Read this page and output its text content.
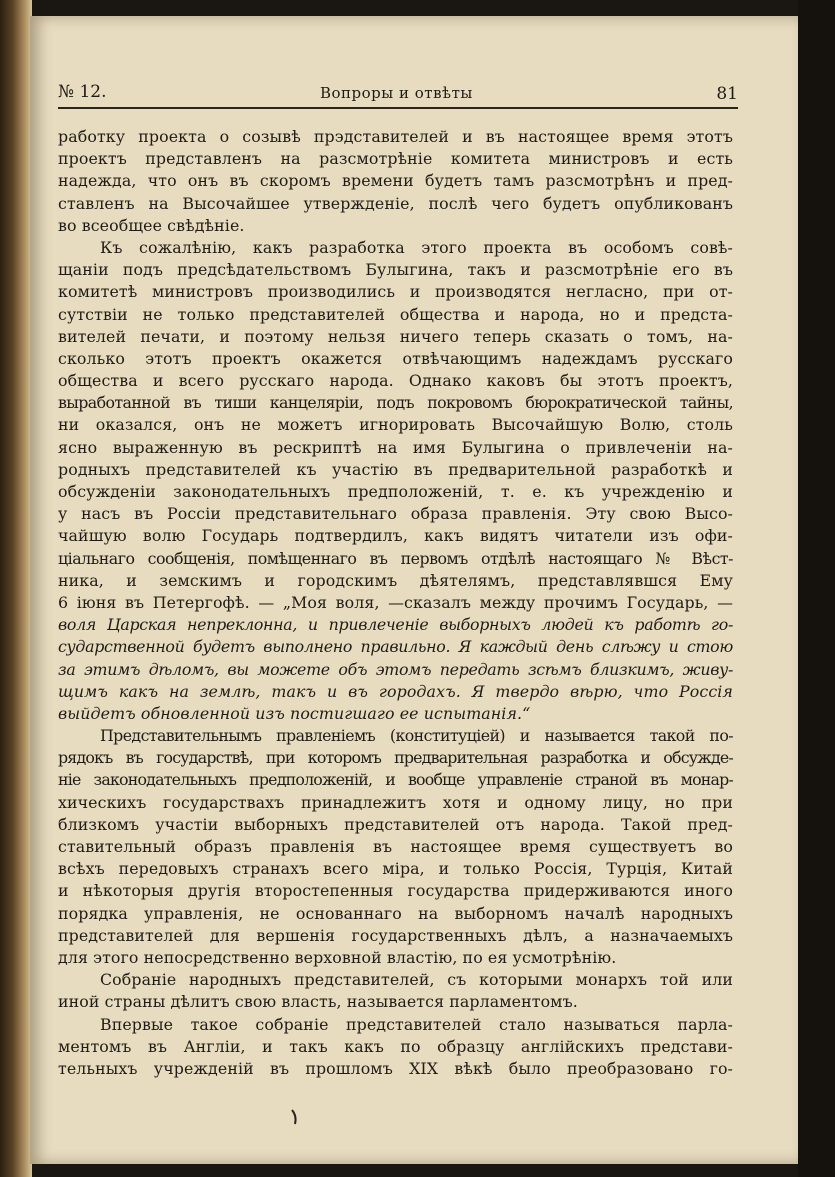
№ 12.	Вопроры и отвѣты	81
работку проекта о созывѣ прэдставителей и въ настоящее время этотъ
проектъ представленъ на разсмотрѣніе комитета министровъ и есть
надежда, что онъ въ скоромъ времени будетъ тамъ разсмотрѣнъ и пред-
ставленъ на Высочайшее утвержденіе, послѣ чего будетъ опубликованъ
во всеобщее свѣдѣніе.
Къ сожалѣнію, какъ разработка этого проекта въ особомъ совѣ-
щаніи подъ предсѣдательствомъ Булыгина, такъ и разсмотрѣніе его въ
комитетѣ министровъ производились и производятся негласно, при от-
сутствіи не только представителей общества и народа, но и предста-
вителей печати, и поэтому нельзя ничего теперь сказать о томъ, на-
сколько этотъ проектъ окажется отвѣчающимъ надеждамъ русскаго
общества и всего русскаго народа. Однако каковъ бы этотъ проектъ,
выработанной въ тиши канцеляріи, подъ покровомъ бюрократической тайны,
ни оказался, онъ не можетъ игнорировать Высочайшую Волю, столь
ясно выраженную въ рескриптѣ на имя Булыгина о привлеченіи на-
родныхъ представителей къ участію въ предварительной разработкѣ и
обсужденіи законодательныхъ предположеній, т. е. къ учрежденію и
у насъ въ Россіи представительнаго образа правленія. Эту свою Высо-
чайшую волю Государь подтвердилъ, какъ видятъ читатели изъ офи-
ціальнаго сообщенія, помѣщеннаго въ первомъ отдѣлѣ настоящаго № Вѣст-
ника, и земскимъ и городскимъ дѣятелямъ, представлявшся Ему
6 іюня въ Петергофѣ. — „Моя воля, —сказалъ между прочимъ Государь, —
воля Царская непреклонна, и привлеченіе выборныхъ людей къ работѣ го-
сударственной будетъ выполнено правильно. Я каждый день слѣжу и стою
за этимъ дѣломъ, вы можете объ этомъ передать зсѣмъ близкимъ, живу-
щимъ какъ на землѣ, такъ и въ городахъ. Я твердо вѣрю, что Россія
выйдетъ обновленной изъ постигшаго ее испытанія.“
Представительнымъ правленіемъ (конституціей) и называется такой по-
рядокъ въ государствѣ, при которомъ предварительная разработка и обсужде-
ніе законодательныхъ предположеній, и вообще управленіе страной въ монар-
хическихъ государствахъ принадлежитъ хотя и одному лицу, но при
близкомъ участіи выборныхъ представителей отъ народа. Такой пред-
ставительный образъ правленія въ настоящее время существуетъ во
всѣхъ передовыхъ странахъ всего міра, и только Россія, Турція, Китай
и нѣкоторыя другія второстепенныя государства придерживаются иного
порядка управленія, не основаннаго на выборномъ началѣ народныхъ
представителей для вершенія государственныхъ дѣлъ, а назначаемыхъ
для этого непосредственно верховной властію, по ея усмотрѣнію.
Собраніе народныхъ представителей, съ которыми монархъ той или
иной страны дѣлитъ свою власть, называется парламентомъ.
Впервые такое собраніе представителей стало называться парла-
ментомъ въ Англіи, и такъ какъ по образцу англійскихъ представи-
тельныхъ учрежденій въ прошломъ XIX вѣкѣ было преобразовано го-
